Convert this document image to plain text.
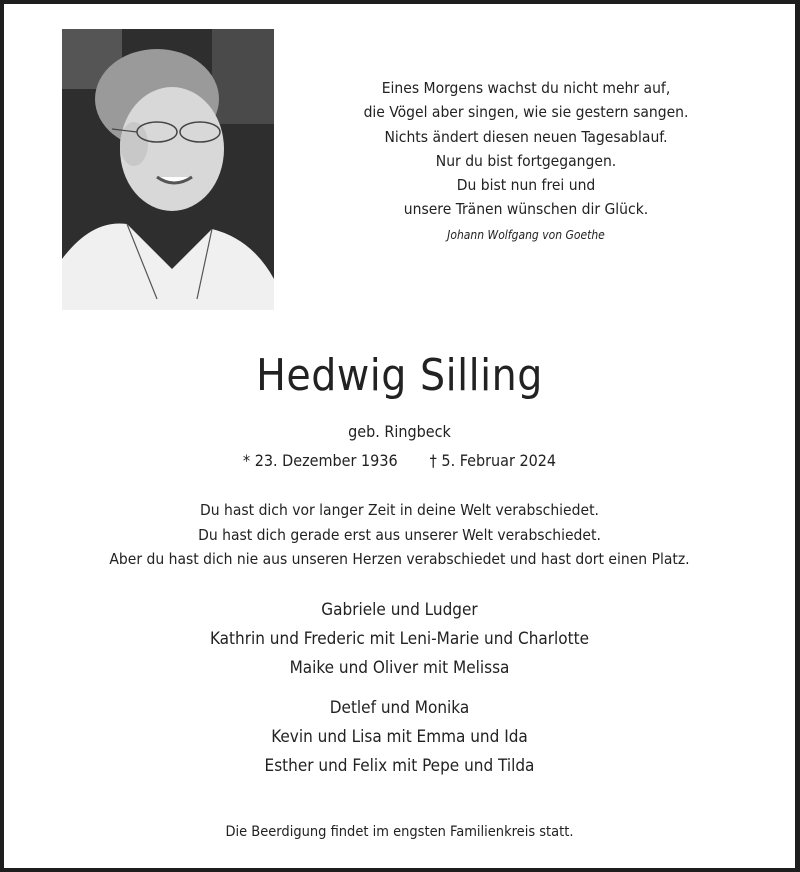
Eines Morgens wachst du nicht mehr auf,
die Vögel aber singen, wie sie gestern sangen.
Nichts ändert diesen neuen Tagesablauf.
Nur du bist fortgegangen.
Du bist nun frei und
unsere Tränen wünschen dir Glück.
Johann Wolfgang von Goethe
Hedwig Silling
geb. Ringbeck
* 23. Dezember 1936 † 5. Februar 2024
Du hast dich vor langer Zeit in deine Welt verabschiedet.
Du hast dich gerade erst aus unserer Welt verabschiedet.
Aber du hast dich nie aus unseren Herzen verabschiedet und hast dort einen Platz.
Gabriele und Ludger
Kathrin und Frederic mit Leni-Marie und Charlotte
Maike und Oliver mit Melissa
Detlef und Monika
Kevin und Lisa mit Emma und Ida
Esther und Felix mit Pepe und Tilda
Die Beerdigung findet im engsten Familienkreis statt.
